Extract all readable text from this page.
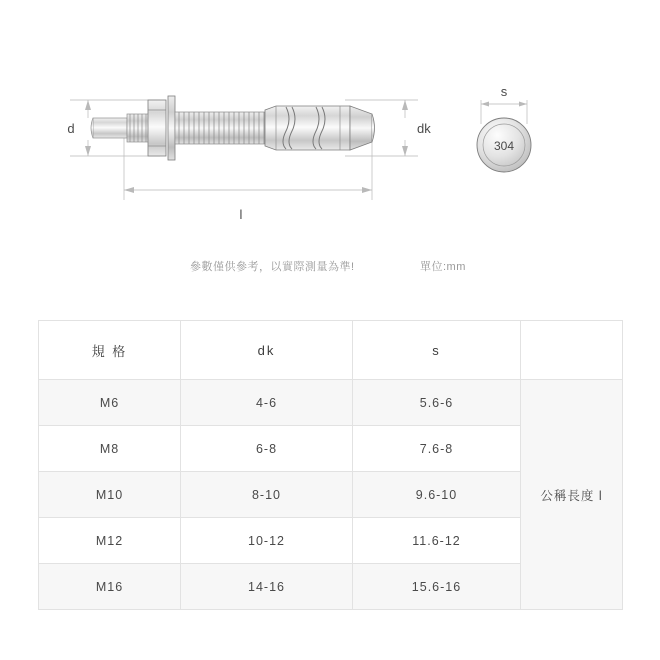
d	dk
l
s
304
參數僅供參考，以實際測量為準!	單位:mm
規 格	dk	s	
M6	4-6	5.6-6	公稱長度 l
M8	6-8	7.6-8	
M10	8-10	9.6-10	
M12	10-12	11.6-12	
M16	14-16	15.6-16	
